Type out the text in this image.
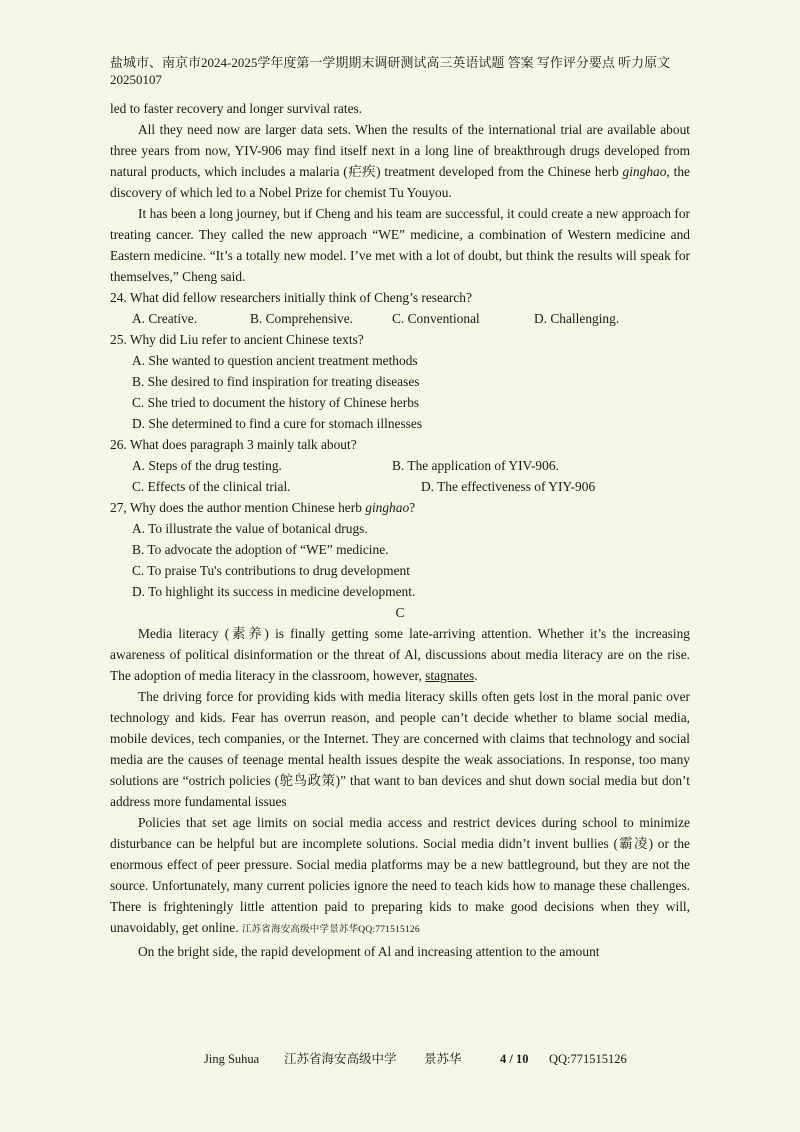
盐城市、南京市2024-2025学年度第一学期期末调研测试高三英语试题 答案 写作评分要点 听力原文
20250107

led to faster recovery and longer survival rates.

All they need now are larger data sets. When the results of the international trial are available about three years from now, YIV-906 may find itself next in a long line of breakthrough drugs developed from natural products, which includes a malaria (疟疾) treatment developed from the Chinese herb ginghao, the discovery of which led to a Nobel Prize for chemist Tu Youyou.

It has been a long journey, but if Cheng and his team are successful, it could create a new approach for treating cancer. They called the new approach “WE” medicine, a combination of Western medicine and Eastern medicine. “It’s a totally new model. I’ve met with a lot of doubt, but think the results will speak for themselves,” Cheng said.

24. What did fellow researchers initially think of Cheng’s research?

A. Creative.	B. Comprehensive.	C. Conventional	D. Challenging.

25. Why did Liu refer to ancient Chinese texts?

A. She wanted to question ancient treatment methods

B. She desired to find inspiration for treating diseases

C. She tried to document the history of Chinese herbs

D. She determined to find a cure for stomach illnesses

26. What does paragraph 3 mainly talk about?

A. Steps of the drug testing.	B. The application of YIV-906.
C. Effects of the clinical trial.	D. The effectiveness of YIY-906

27, Why does the author mention Chinese herb ginghao?

A. To illustrate the value of botanical drugs.

B. To advocate the adoption of “WE” medicine.

C. To praise Tu's contributions to drug development

D. To highlight its success in medicine development.

C

Media literacy (素养) is finally getting some late-arriving attention. Whether it’s the increasing awareness of political disinformation or the threat of Al, discussions about media literacy are on the rise. The adoption of media literacy in the classroom, however, stagnates.

The driving force for providing kids with media literacy skills often gets lost in the moral panic over technology and kids. Fear has overrun reason, and people can’t decide whether to blame social media, mobile devices, tech companies, or the Internet. They are concerned with claims that technology and social media are the causes of teenage mental health issues despite the weak associations. In response, too many solutions are “ostrich policies (鸵鸟政策)” that want to ban devices and shut down social media but don’t address more fundamental issues

Policies that set age limits on social media access and restrict devices during school to minimize disturbance can be helpful but are incomplete solutions. Social media didn’t invent bullies (霸凌) or the enormous effect of peer pressure. Social media platforms may be a new battleground, but they are not the source. Unfortunately, many current policies ignore the need to teach kids how to manage these challenges. There is frighteningly little attention paid to preparing kids to make good decisions when they will, unavoidably, get online. 江苏省海安高级中学景苏华QQ:771515126

On the bright side, the rapid development of Al and increasing attention to the amount

Jing Suhua 江苏省海安高级中学 景苏华	4 / 10 QQ:771515126
